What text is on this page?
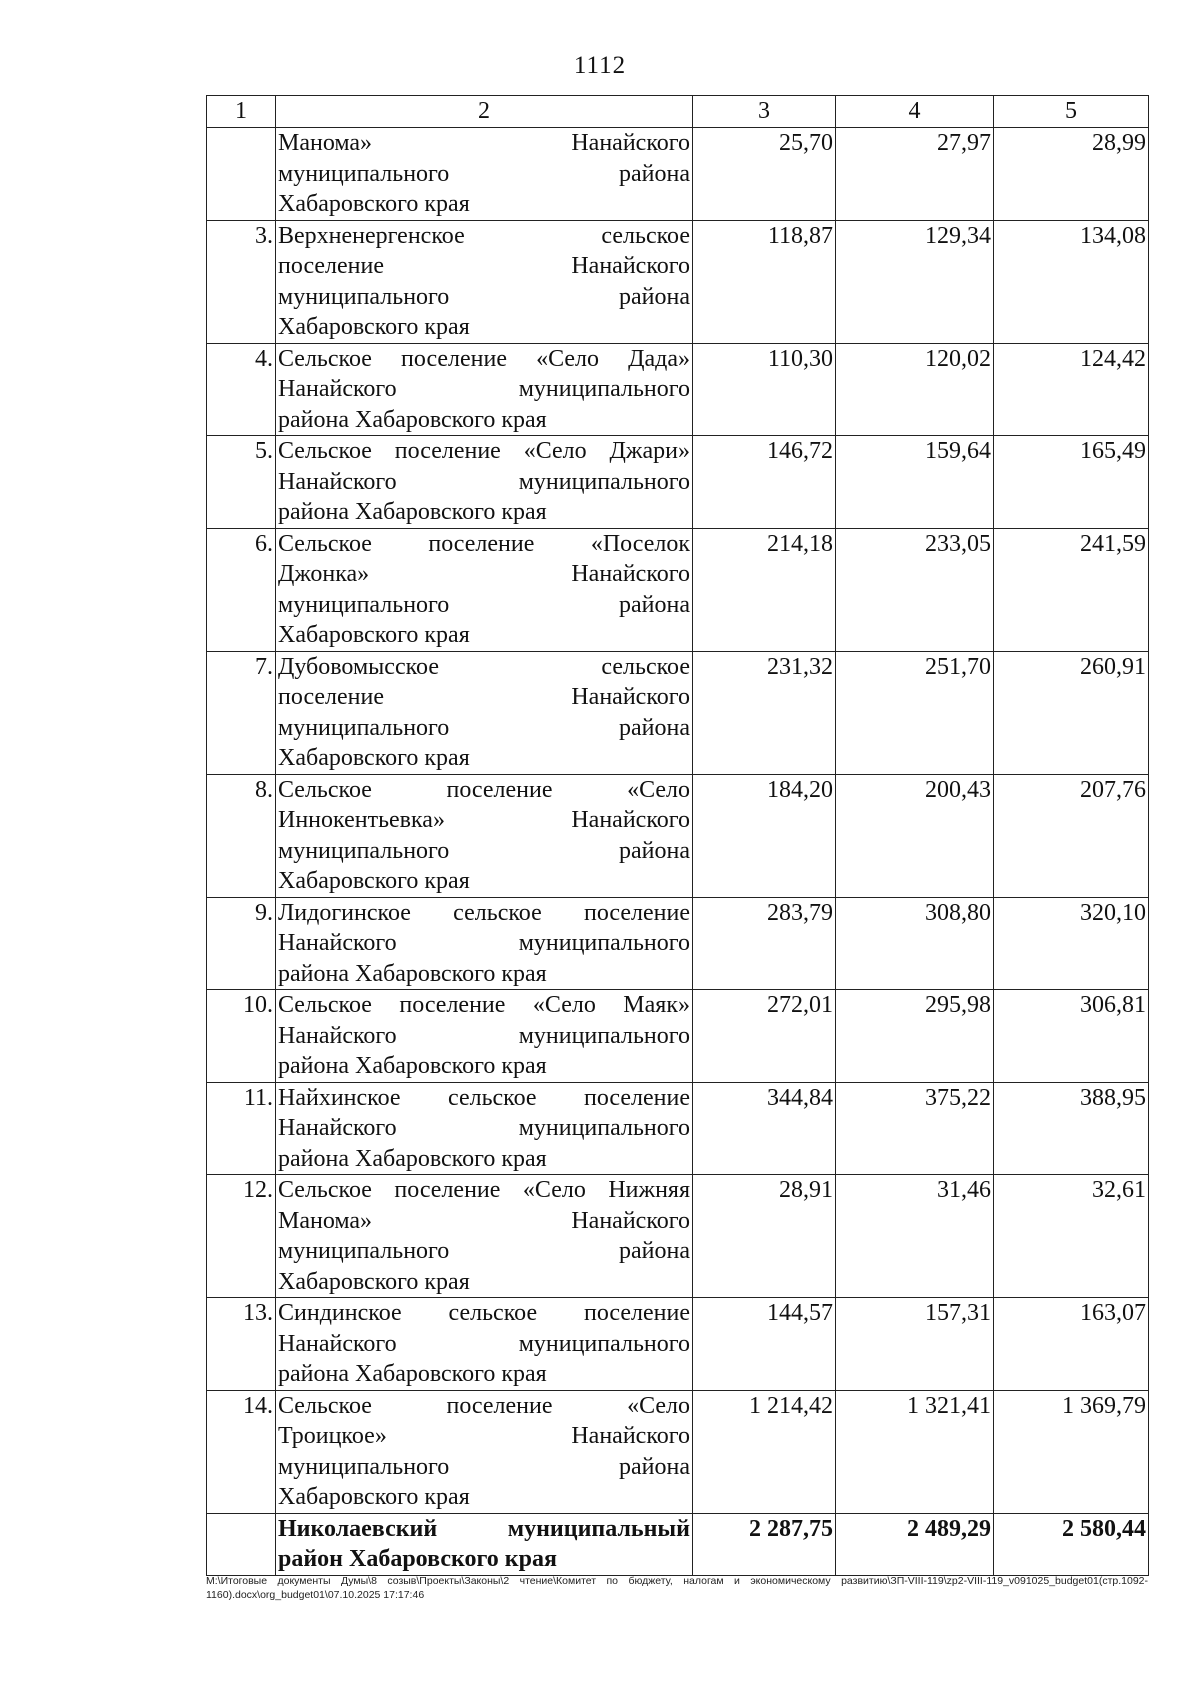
1112
1	2	3	4	5

	Манома» Нанайского
муниципального района
Хабаровского края	25,70	27,97	28,99
3.	Верхненергенское сельское
поселение Нанайского
муниципального района
Хабаровского края	118,87	129,34	134,08
4.	Сельское поселение «Село Дада»
Нанайского муниципального
района Хабаровского края	110,30	120,02	124,42
5.	Сельское поселение «Село Джари»
Нанайского муниципального
района Хабаровского края	146,72	159,64	165,49
6.	Сельское поселение «Поселок
Джонка» Нанайского
муниципального района
Хабаровского края	214,18	233,05	241,59
7.	Дубовомысское сельское
поселение Нанайского
муниципального района
Хабаровского края	231,32	251,70	260,91
8.	Сельское поселение «Село
Иннокентьевка» Нанайского
муниципального района
Хабаровского края	184,20	200,43	207,76
9.	Лидогинское сельское поселение
Нанайского муниципального
района Хабаровского края	283,79	308,80	320,10
10.	Сельское поселение «Село Маяк»
Нанайского муниципального
района Хабаровского края	272,01	295,98	306,81
11.	Найхинское сельское поселение
Нанайского муниципального
района Хабаровского края	344,84	375,22	388,95
12.	Сельское поселение «Село Нижняя
Манома» Нанайского
муниципального района
Хабаровского края	28,91	31,46	32,61
13.	Синдинское сельское поселение
Нанайского муниципального
района Хабаровского края	144,57	157,31	163,07
14.	Сельское поселение «Село
Троицкое» Нанайского
муниципального района
Хабаровского края	1 214,42	1 321,41	1 369,79

	Николаевский муниципальный
район Хабаровского края	2 287,75	2 489,29	2 580,44
M:\Итоговые документы Думы\8 созыв\Проекты\Законы\2 чтение\Комитет по бюджету, налогам и экономическому развитию\ЗП-VIII-119\zp2-VIII-119_v091025_budget01(стр.1092-1160).docx\org_budget01\07.10.2025 17:17:46
